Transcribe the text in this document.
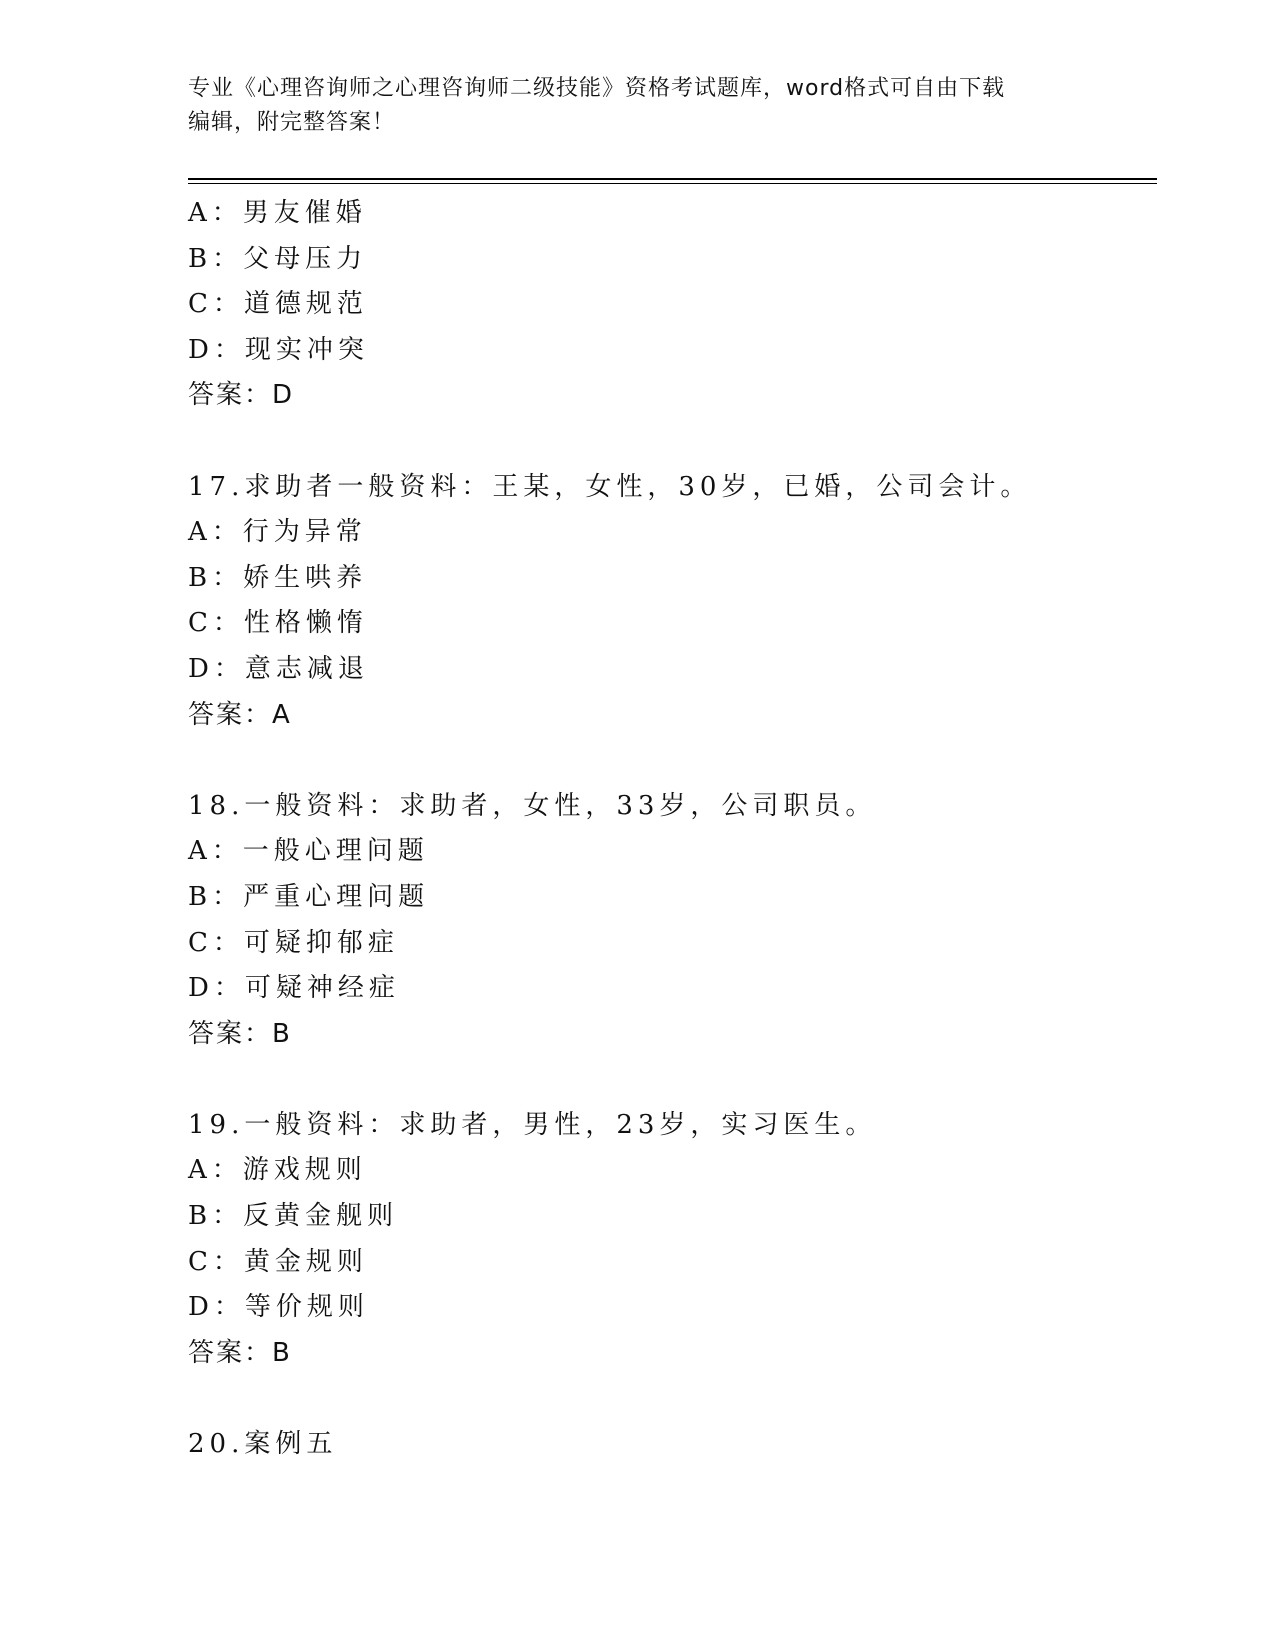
专业《心理咨询师之心理咨询师二级技能》资格考试题库，word格式可自由下载
编辑，附完整答案！
A：男友催婚
B：父母压力
C：道德规范
D：现实冲突
答案：D
17.求助者一般资料：王某，女性，30岁，已婚，公司会计。
A：行为异常
B：娇生哄养
C：性格懒惰
D：意志减退
答案：A
18.一般资料：求助者，女性，33岁，公司职员。
A：一般心理问题
B：严重心理问题
C：可疑抑郁症
D：可疑神经症
答案：B
19.一般资料：求助者，男性，23岁，实习医生。
A：游戏规则
B：反黄金舰则
C：黄金规则
D：等价规则
答案：B
20.案例五
